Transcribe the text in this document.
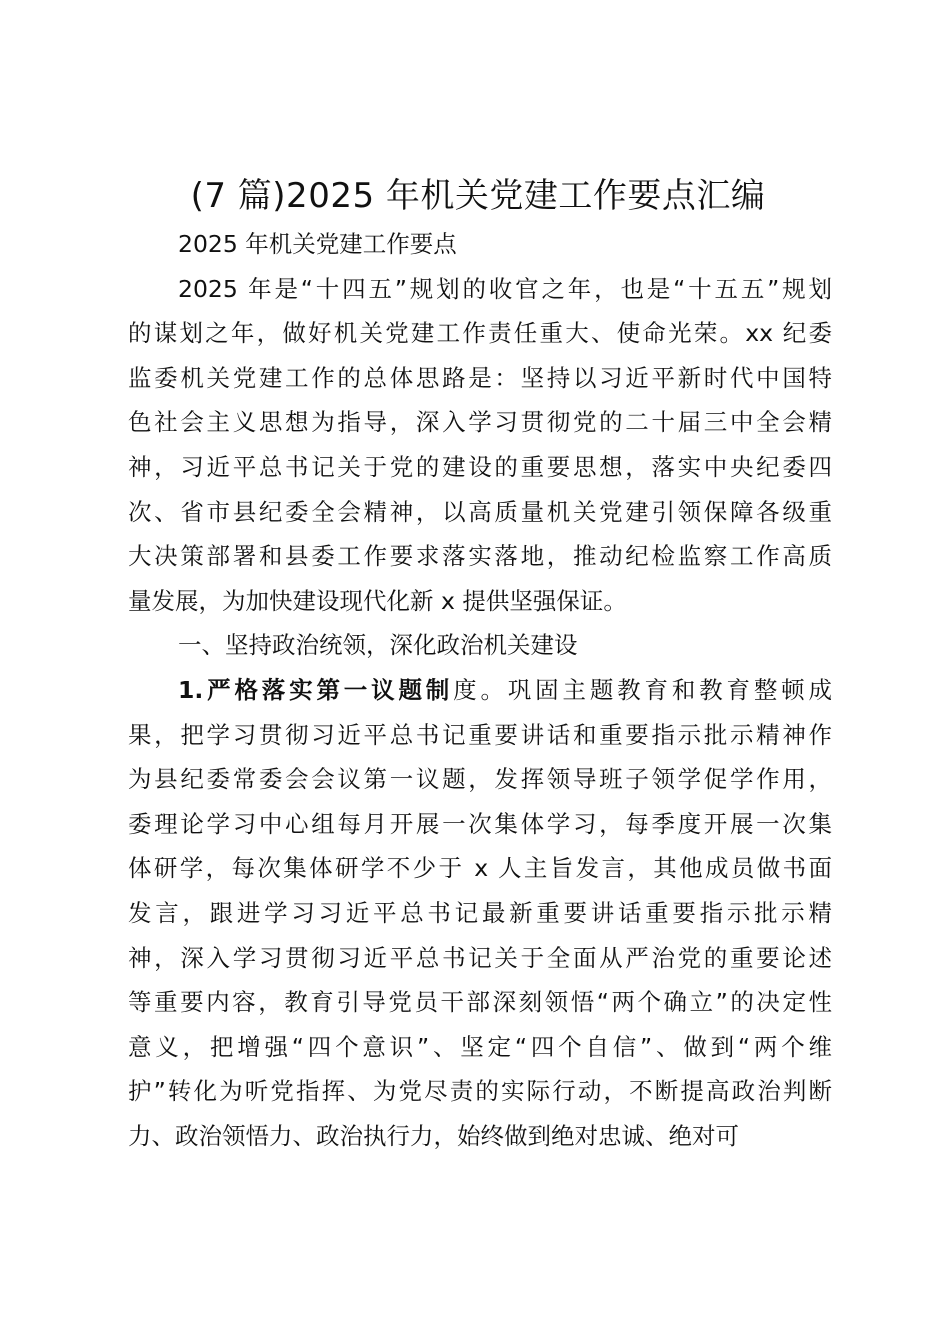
(7 篇)2025 年机关党建工作要点汇编
2025 年机关党建工作要点
2025 年是“十四五”规划的收官之年，也是“十五五”规划
的谋划之年，做好机关党建工作责任重大、使命光荣。xx 纪委
监委机关党建工作的总体思路是：坚持以习近平新时代中国特
色社会主义思想为指导，深入学习贯彻党的二十届三中全会精
神，习近平总书记关于党的建设的重要思想，落实中央纪委四
次、省市县纪委全会精神，以高质量机关党建引领保障各级重
大决策部署和县委工作要求落实落地，推动纪检监察工作高质
量发展，为加快建设现代化新 x 提供坚强保证。
一、坚持政治统领，深化政治机关建设
1.严格落实第一议题制度。巩固主题教育和教育整顿成
果，把学习贯彻习近平总书记重要讲话和重要指示批示精神作
为县纪委常委会会议第一议题，发挥领导班子领学促学作用，
委理论学习中心组每月开展一次集体学习，每季度开展一次集
体研学，每次集体研学不少于 x 人主旨发言，其他成员做书面
发言，跟进学习习近平总书记最新重要讲话重要指示批示精
神，深入学习贯彻习近平总书记关于全面从严治党的重要论述
等重要内容，教育引导党员干部深刻领悟“两个确立”的决定性
意义，把增强“四个意识”、坚定“四个自信”、做到“两个维
护”转化为听党指挥、为党尽责的实际行动，不断提高政治判断
力、政治领悟力、政治执行力，始终做到绝对忠诚、绝对可
